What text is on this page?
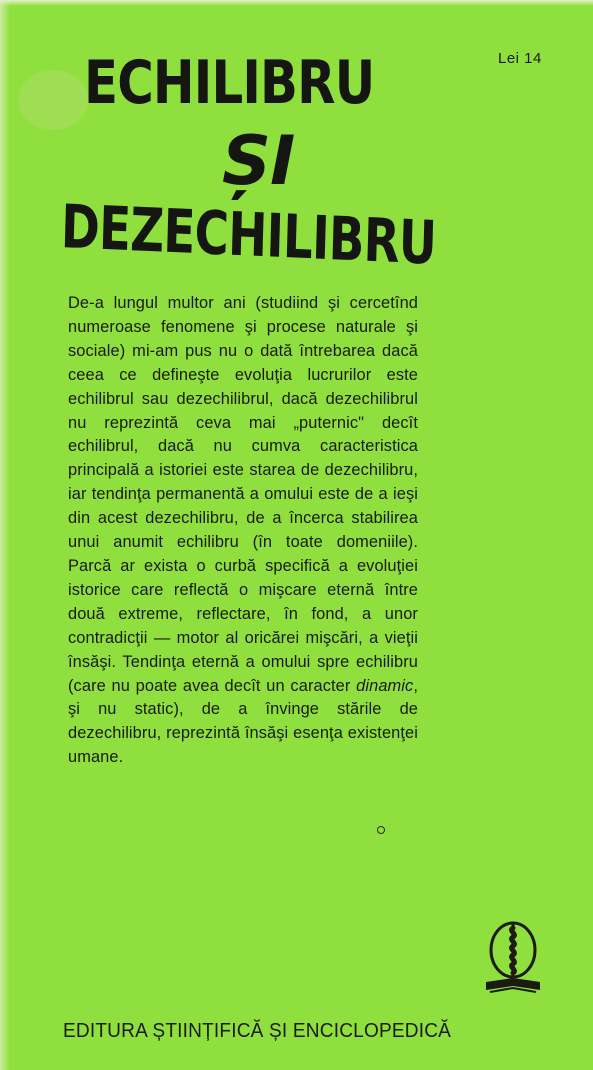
Lei 14
ECHILIBRU
ȘI
DEZECHILIBRU
De-a lungul multor ani (studiind şi cercetînd numeroase fenomene şi procese naturale şi sociale) mi-am pus nu o dată întrebarea dacă ceea ce defineşte evoluţia lucrurilor este echilibrul sau dezechilibrul, dacă dezechilibrul nu reprezintă ceva mai „puternic" decît echilibrul, dacă nu cumva caracteristica principală a istoriei este starea de dezechilibru, iar tendinţa permanentă a omului este de a ieşi din acest dezechilibru, de a încerca stabilirea unui anumit echilibru (în toate domeniile). Parcă ar exista o curbă specifică a evoluţiei istorice care reflectă o mişcare eternă între două extreme, reflectare, în fond, a unor contradicţii — motor al oricărei mişcări, a vieţii însăşi. Tendinţa eternă a omului spre echilibru (care nu poate avea decît un caracter dinamic, şi nu static), de a învinge stările de dezechilibru, reprezintă însăşi esenţa existenţei umane.
EDITURA ȘTIINȚIFICĂ ȘI ENCICLOPEDICĂ
